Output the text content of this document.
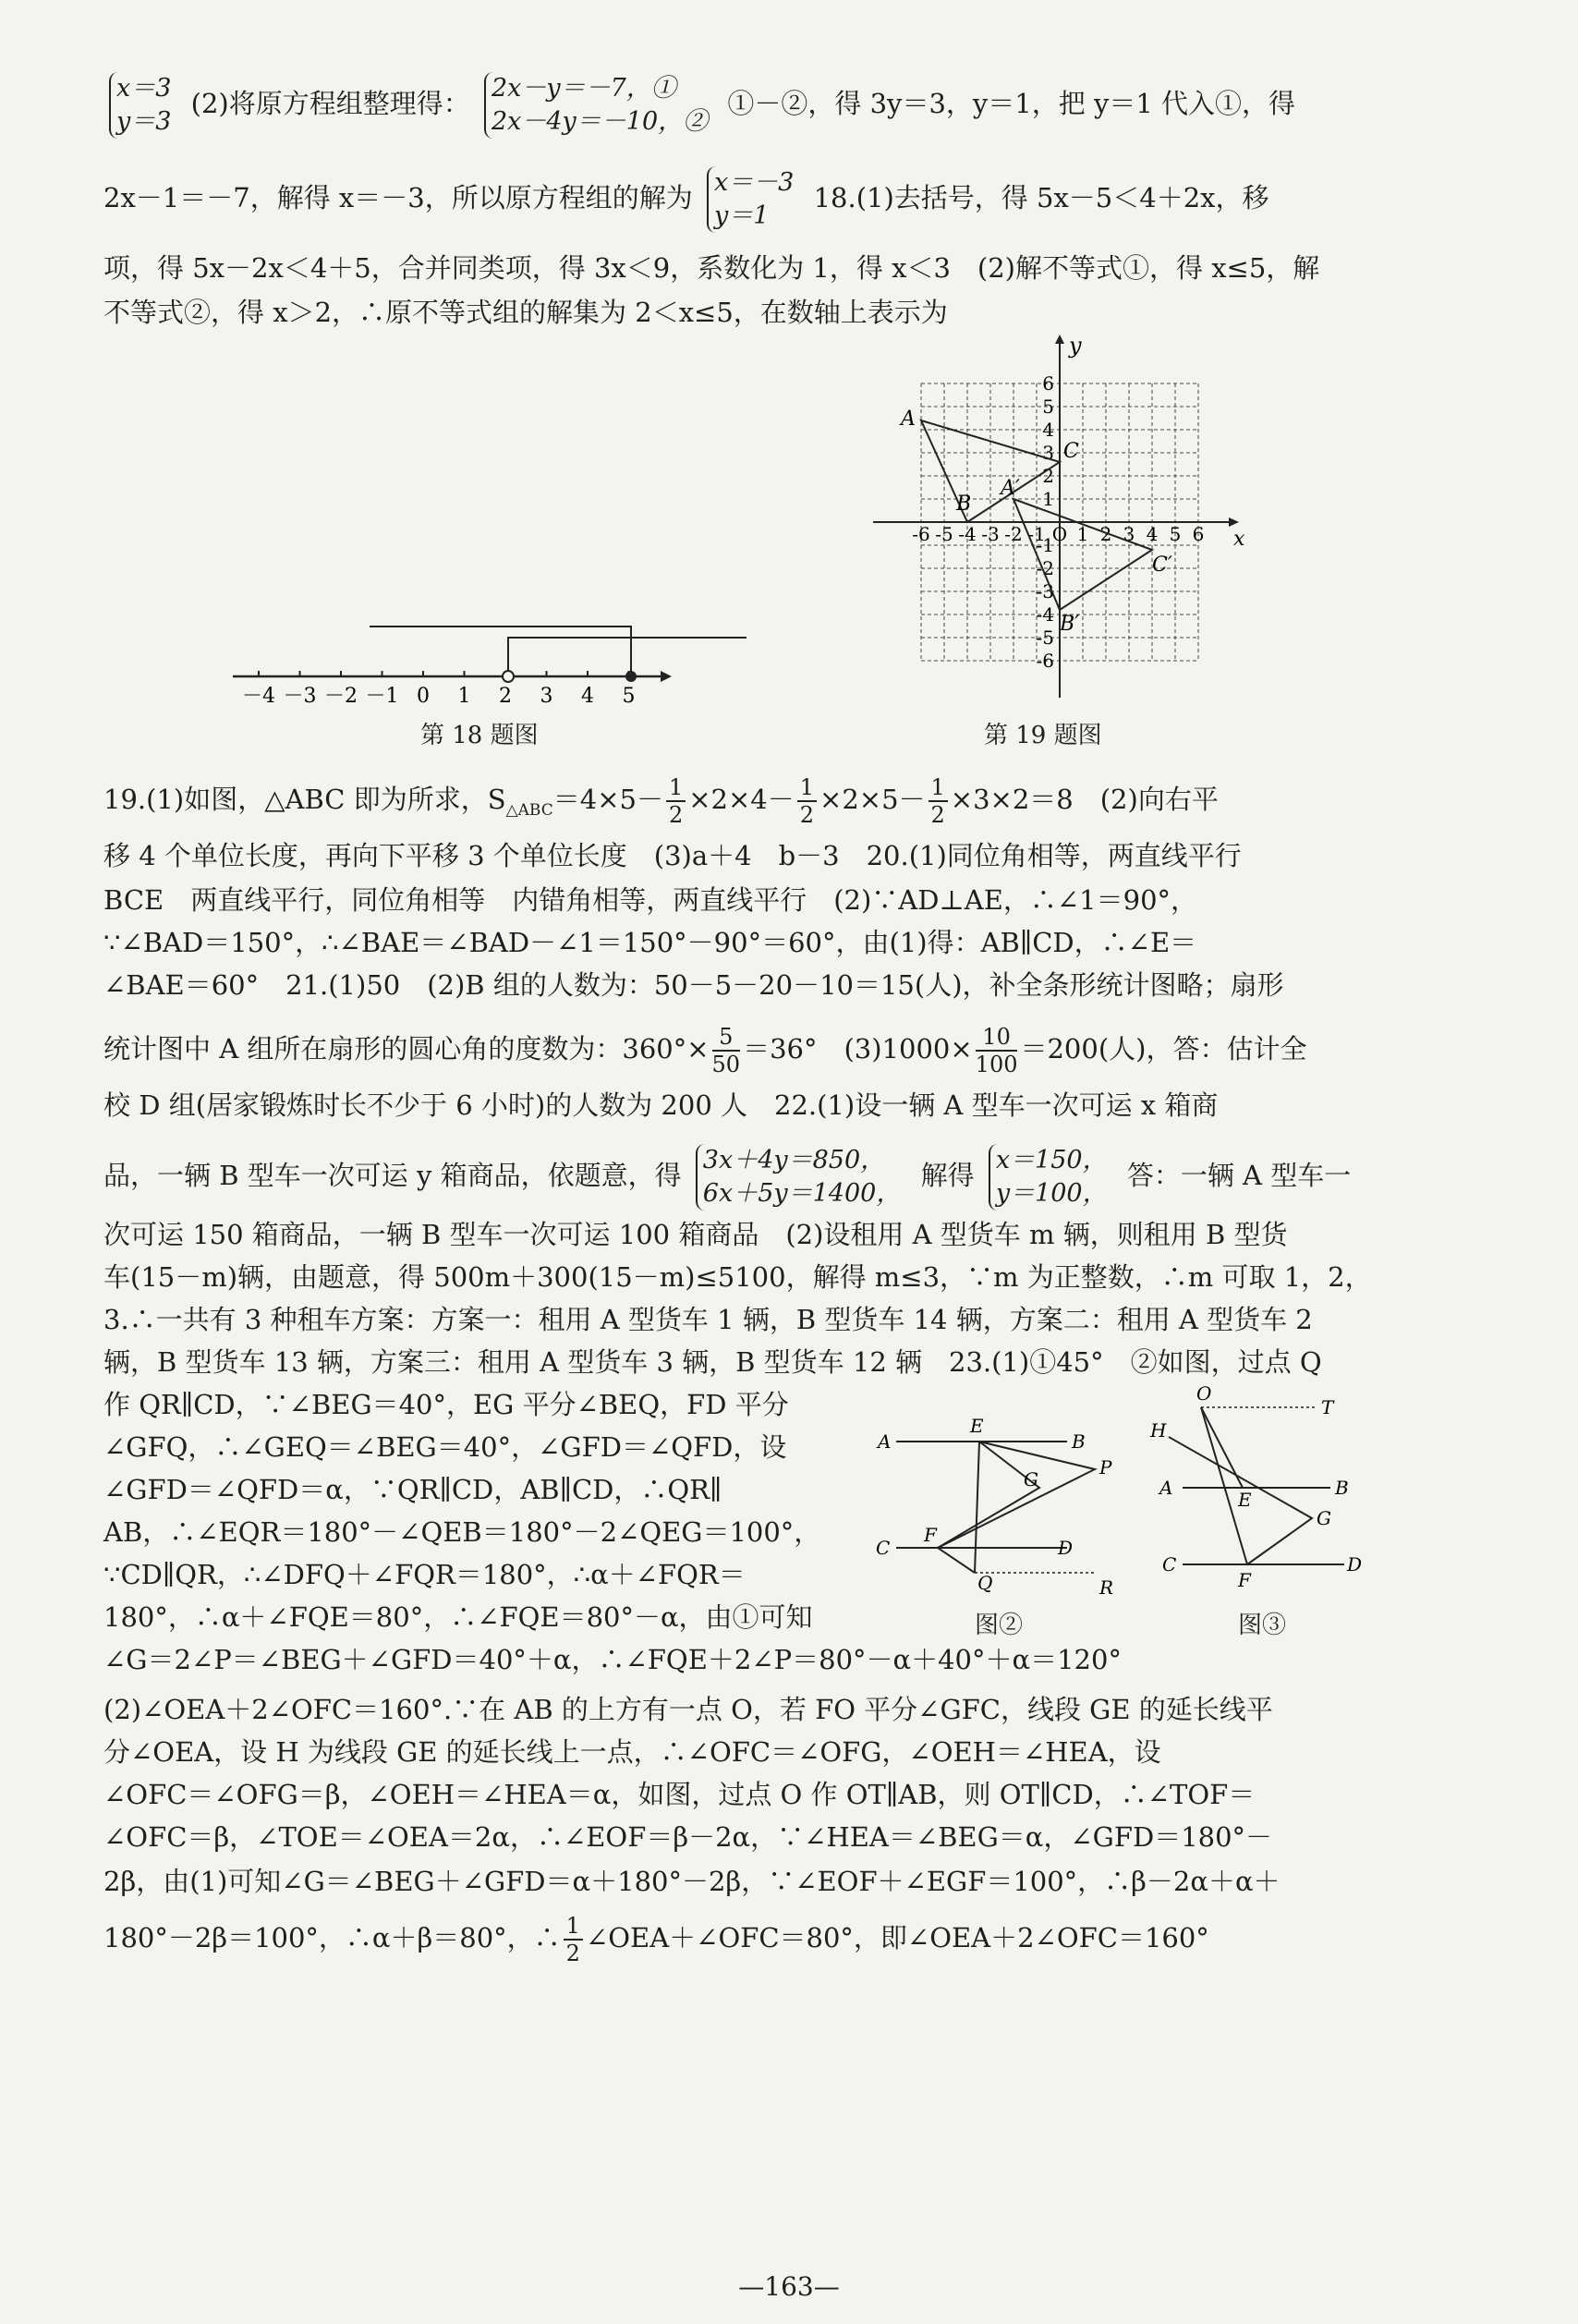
x＝3
y＝3
(2)将原方程组整理得： 2x－y＝－7，①
2x－4y＝－10，②
①－②，得 3y＝3，y＝1，把 y＝1 代入①，得
2x－1＝－7，解得 x＝－3，所以原方程组的解为 x＝－3
y＝1
18.(1)去括号，得 5x－5＜4＋2x，移
项，得 5x－2x＜4＋5，合并同类项，得 3x＜9，系数化为 1，得 x＜3　(2)解不等式①，得 x≤5，解
不等式②，得 x＞2，∴原不等式组的解集为 2＜x≤5，在数轴上表示为
－4 －3 －2 －1 0 1 2 3 4 5
第 18 题图
-6 -5 -4 -3 -2 -1 O 1 2 3 4 5 6
6
5
4
3
2
1
-1
-2
-3
-4
-5
-6
A
B
C
A′
B′
C′
x
y
第 19 题图
19.(1)如图，△ABC 即为所求，$S_{\triangle ABC}=4\times 5- \frac{1}{2} \times 2\times 4- \frac{1}{2} \times 2\times 5- \frac{1}{2} \times 3\times 2=8$　(2)向右平
移 4 个单位长度，再向下平移 3 个单位长度　(3)a＋4　b－3　20.(1)同位角相等，两直线平行
BCE　两直线平行，同位角相等　内错角相等，两直线平行　(2)∵AD⊥AE，∴∠1＝90°，
∵∠BAD＝150°，∴∠BAE＝∠BAD－∠1＝150°－90°＝60°，由(1)得：AB∥CD，∴∠E＝
∠BAE＝60°　21.(1)50　(2)B 组的人数为：50－5－20－10＝15(人)，补全条形统计图略；扇形
统计图中 A 组所在扇形的圆心角的度数为：$360^\circ\times \frac{5}{50} =36^\circ$　$(3)1000\times \frac{10}{100} =200$(人)，答：估计全
校 D 组(居家锻炼时长不少于 6 小时)的人数为 200 人　22.(1)设一辆 A 型车一次可运 x 箱商
品，一辆 B 型车一次可运 y 箱商品，依题意，得 3x＋4y＝850，
6x＋5y＝1400，
解得 x＝150，
y＝100，
答：一辆 A 型车一
次可运 150 箱商品，一辆 B 型车一次可运 100 箱商品　(2)设租用 A 型货车 m 辆，则租用 B 型货
车(15－m)辆，由题意，得 500m＋300(15－m)≤5100，解得 m≤3，∵m 为正整数，∴m 可取 1，2，
3.∴一共有 3 种租车方案：方案一：租用 A 型货车 1 辆，B 型货车 14 辆，方案二：租用 A 型货车 2
辆，B 型货车 13 辆，方案三：租用 A 型货车 3 辆，B 型货车 12 辆　23.(1)①45°　②如图，过点 Q
作 QR∥CD，∵∠BEG＝40°，EG 平分∠BEQ，FD 平分
∠GFQ，∴∠GEQ＝∠BEG＝40°，∠GFD＝∠QFD，设
∠GFD＝∠QFD＝α，∵QR∥CD，AB∥CD，∴QR∥
AB，∴∠EQR＝180°－∠QEB＝180°－2∠QEG＝100°，
∵CD∥QR，∴∠DFQ＋∠FQR＝180°，∴α＋∠FQR＝
180°，∴α＋∠FQE＝80°，∴∠FQE＝80°－α，由①可知
A
E
B
G
P
C
F
D
Q	R
图②
O
T
H
A
E
B
G
C
F
D
图③
∠G＝2∠P＝∠BEG＋∠GFD＝40°＋α，∴∠FQE＋2∠P＝80°－α＋40°＋α＝120°
(2)∠OEA＋2∠OFC＝160°.∵在 AB 的上方有一点 O，若 FO 平分∠GFC，线段 GE 的延长线平
分∠OEA，设 H 为线段 GE 的延长线上一点，∴∠OFC＝∠OFG，∠OEH＝∠HEA，设
∠OFC＝∠OFG＝β，∠OEH＝∠HEA＝α，如图，过点 O 作 OT∥AB，则 OT∥CD，∴∠TOF＝
∠OFC＝β，∠TOE＝∠OEA＝2α，∴∠EOF＝β－2α，∵∠HEA＝∠BEG＝α，∠GFD＝180°－
2β，由(1)可知∠G＝∠BEG＋∠GFD＝α＋180°－2β，∵∠EOF＋∠EGF＝100°，∴β－2α＋α＋
180°－2β＝100°，∴α＋β＝80°，∴ $\frac{1}{2}$ ∠OEA＋∠OFC＝80°，即∠OEA＋2∠OFC＝160°
—163—
